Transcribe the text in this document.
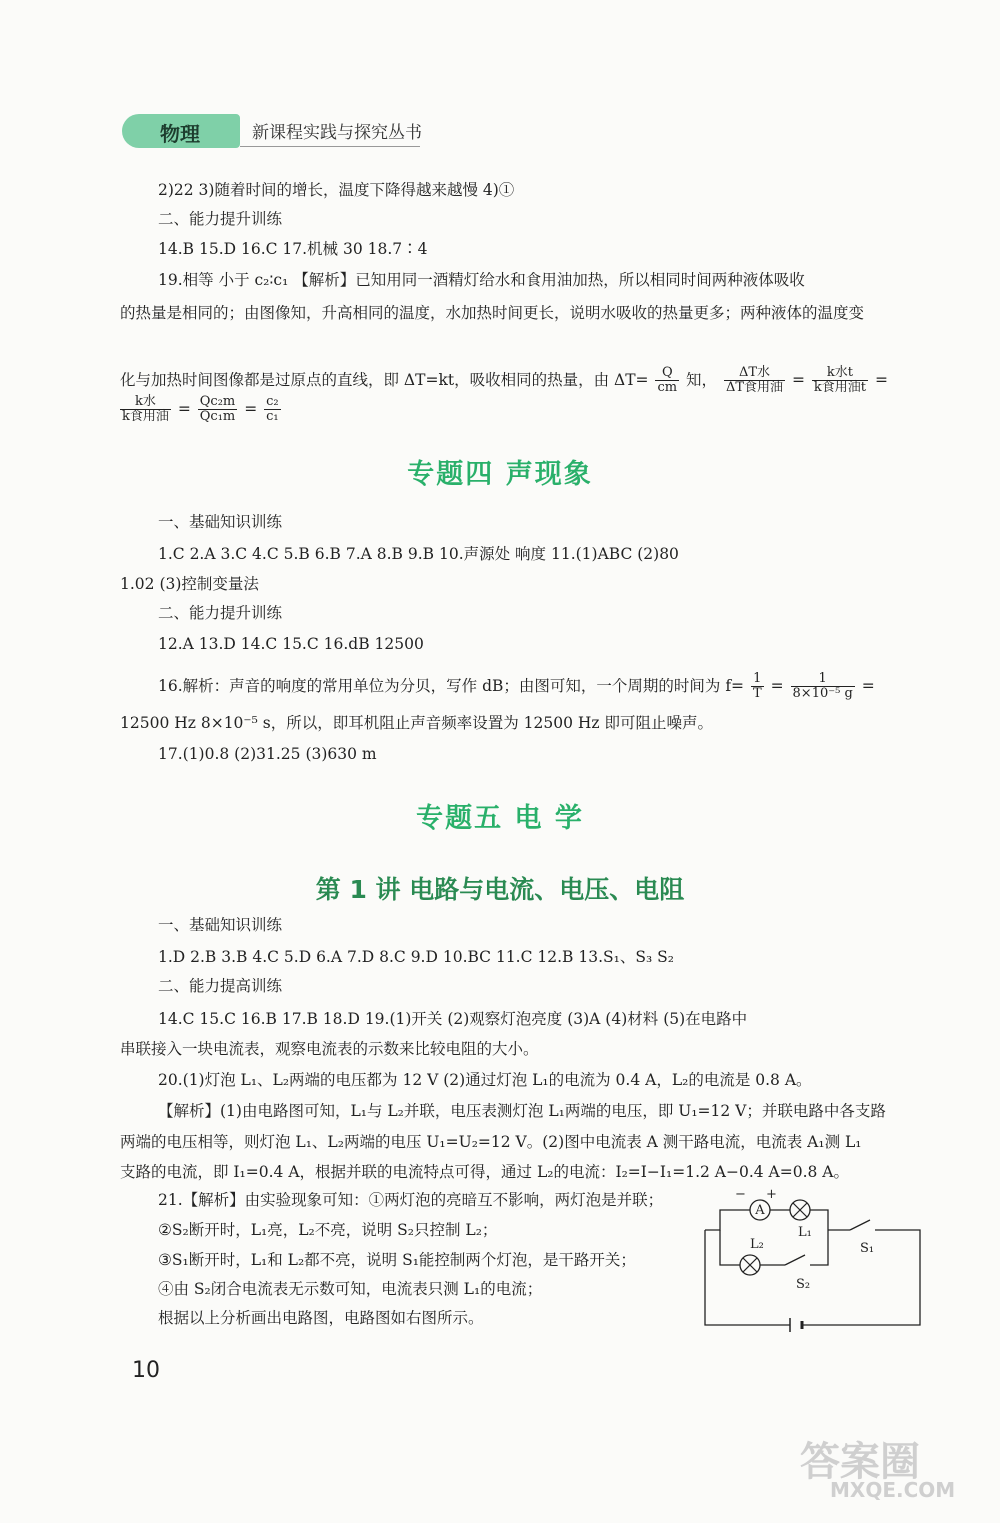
物理	新课程实践与探究丛书
2)22 3)随着时间的增长，温度下降得越来越慢 4)①
二、能力提升训练
14.B 15.D 16.C 17.机械 30 18.7∶4
19.相等 小于 c₂∶c₁ 【解析】已知用同一酒精灯给水和食用油加热，所以相同时间两种液体吸收
的热量是相同的；由图像知，升高相同的温度，水加热时间更长，说明水吸收的热量更多；两种液体的温度变
化与加热时间图像都是过原点的直线，即 ΔT=kt，吸收相同的热量，由 $\Delta T= \frac{Q}{cm}$ 知， $\frac{\text{ΔT水}}{\text{ΔT食用油}} = \frac{\text{k水t}}{\text{k食用油t}}$ =
$\frac{\text{k水}}{\text{k食用油}} = \frac{\text{Qc₂m}}{\text{Qc₁m}} = \frac{\text{c₂}}{\text{c₁}}$
专题四 声现象
一、基础知识训练
1.C 2.A 3.C 4.C 5.B 6.B 7.A 8.B 9.B 10.声源处 响度 11.(1)ABC (2)80
1.02 (3)控制变量法
二、能力提升训练
12.A 13.D 14.C 15.C 16.dB 12500
16.解析：声音的响度的常用单位为分贝，写作 dB；由图可知，一个周期的时间为 $f= \frac{1}{T} = \frac{1}{\text{8×10⁻⁵ g}}$ =
12500 Hz 8×10⁻⁵ s，所以，即耳机阻止声音频率设置为 12500 Hz 即可阻止噪声。
17.(1)0.8 (2)31.25 (3)630 m
专题五 电 学
第 1 讲 电路与电流、电压、电阻
一、基础知识训练
1.D 2.B 3.B 4.C 5.D 6.A 7.D 8.C 9.D 10.BC 11.C 12.B 13.S₁、S₃ S₂
二、能力提高训练
14.C 15.C 16.B 17.B 18.D 19.(1)开关 (2)观察灯泡亮度 (3)A (4)材料 (5)在电路中
串联接入一块电流表，观察电流表的示数来比较电阻的大小。
20.(1)灯泡 L₁、L₂两端的电压都为 12 V (2)通过灯泡 L₁的电流为 0.4 A，L₂的电流是 0.8 A。
【解析】(1)由电路图可知，L₁与 L₂并联，电压表测灯泡 L₁两端的电压，即 U₁=12 V；并联电路中各支路
两端的电压相等，则灯泡 L₁、L₂两端的电压 U₁=U₂=12 V。(2)图中电流表 A 测干路电流，电流表 A₁测 L₁
支路的电流，即 I₁=0.4 A，根据并联的电流特点可得，通过 L₂的电流：I₂=I−I₁=1.2 A−0.4 A=0.8 A。
21.【解析】由实验现象可知：①两灯泡的亮暗互不影响，两灯泡是并联；
②S₂断开时，L₁亮，L₂不亮，说明 S₂只控制 L₂；
③S₁断开时，L₁和 L₂都不亮，说明 S₁能控制两个灯泡，是干路开关；
④由 S₂闭合电流表无示数可知，电流表只测 L₁的电流；
根据以上分析画出电路图，电路图如右图所示。
A
− +
L₁
L₂	S₁
S₂
10
答案圈
MXQE.COM
